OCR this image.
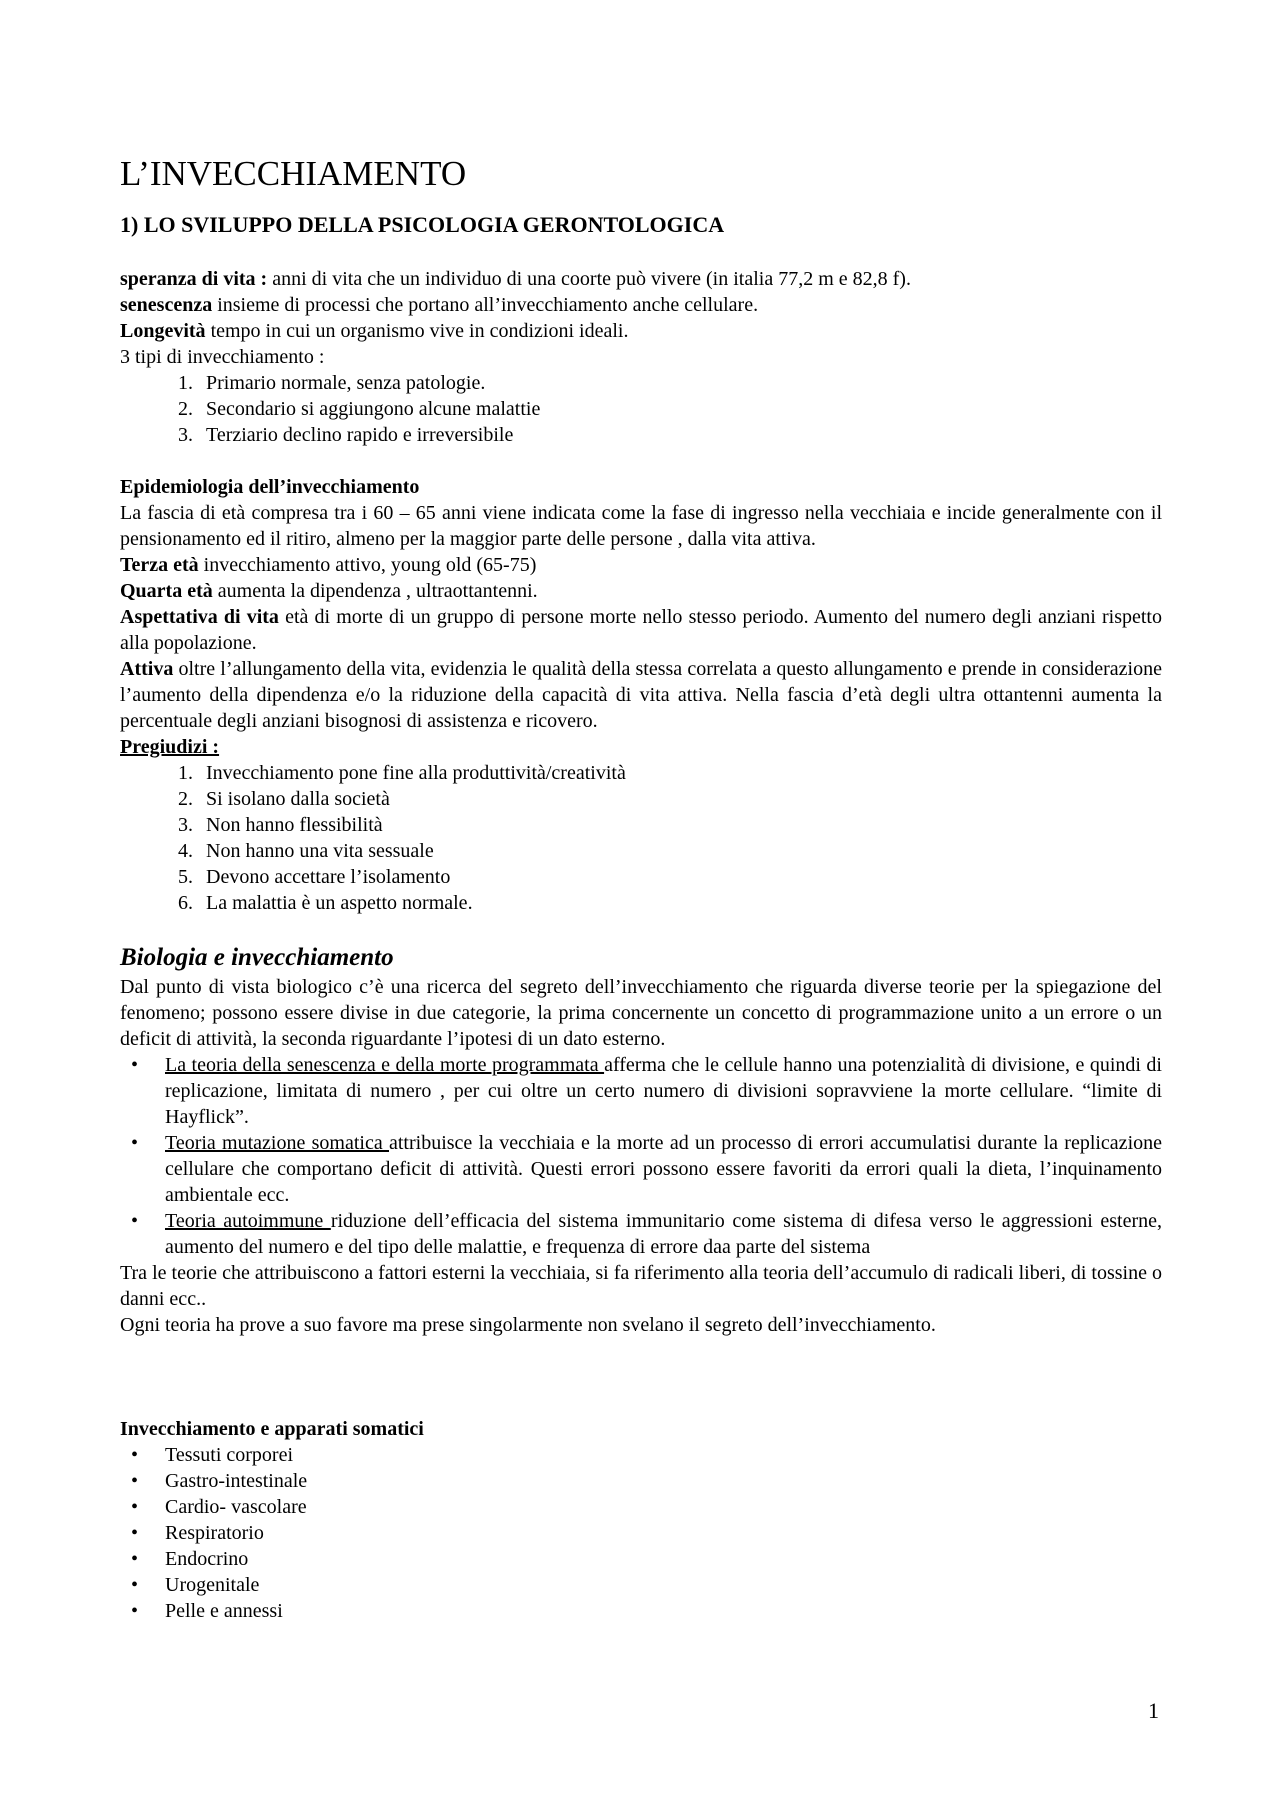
L’INVECCHIAMENTO
1) LO SVILUPPO DELLA PSICOLOGIA GERONTOLOGICA

speranza di vita : anni di vita che un individuo di una coorte può vivere (in italia 77,2 m e 82,8 f).

senescenza insieme di processi che portano all’invecchiamento anche cellulare.

Longevità tempo in cui un organismo vive in condizioni ideali.

3 tipi di invecchiamento :

1. Primario normale, senza patologie.
2. Secondario si aggiungono alcune malattie
3. Terziario declino rapido e irreversibile

Epidemiologia dell’invecchiamento

La fascia di età compresa tra i 60 – 65 anni viene indicata come la fase di ingresso nella vecchiaia e incide generalmente con il pensionamento ed il ritiro, almeno per la maggior parte delle persone , dalla vita attiva.

Terza età invecchiamento attivo, young old (65-75)

Quarta età aumenta la dipendenza , ultraottantenni.

Aspettativa di vita età di morte di un gruppo di persone morte nello stesso periodo. Aumento del numero degli anziani rispetto alla popolazione.

Attiva oltre l’allungamento della vita, evidenzia le qualità della stessa correlata a questo allungamento e prende in considerazione l’aumento della dipendenza e/o la riduzione della capacità di vita attiva. Nella fascia d’età degli ultra ottantenni aumenta la percentuale degli anziani bisognosi di assistenza e ricovero.

Pregiudizi :

1. Invecchiamento pone fine alla produttività/creatività
2. Si isolano dalla società
3. Non hanno flessibilità
4. Non hanno una vita sessuale
5. Devono accettare l’isolamento
6. La malattia è un aspetto normale.

Biologia e invecchiamento

Dal punto di vista biologico c’è una ricerca del segreto dell’invecchiamento che riguarda diverse teorie per la spiegazione del fenomeno; possono essere divise in due categorie, la prima concernente un concetto di programmazione unito a un errore o un deficit di attività, la seconda riguardante l’ipotesi di un dato esterno.

• La teoria della senescenza e della morte programmata afferma che le cellule hanno una potenzialità di divisione, e quindi di replicazione, limitata di numero , per cui oltre un certo numero di divisioni sopravviene la morte cellulare. “limite di Hayflick”.
• Teoria mutazione somatica attribuisce la vecchiaia e la morte ad un processo di errori accumulatisi durante la replicazione cellulare che comportano deficit di attività. Questi errori possono essere favoriti da errori quali la dieta, l’inquinamento ambientale ecc.
• Teoria autoimmune riduzione dell’efficacia del sistema immunitario come sistema di difesa verso le aggressioni esterne, aumento del numero e del tipo delle malattie, e frequenza di errore daa parte del sistema

Tra le teorie che attribuiscono a fattori esterni la vecchiaia, si fa riferimento alla teoria dell’accumulo di radicali liberi, di tossine o danni ecc..

Ogni teoria ha prove a suo favore ma prese singolarmente non svelano il segreto dell’invecchiamento.

Invecchiamento e apparati somatici

• Tessuti corporei
• Gastro-intestinale
• Cardio- vascolare
• Respiratorio
• Endocrino
• Urogenitale
• Pelle e annessi
1
